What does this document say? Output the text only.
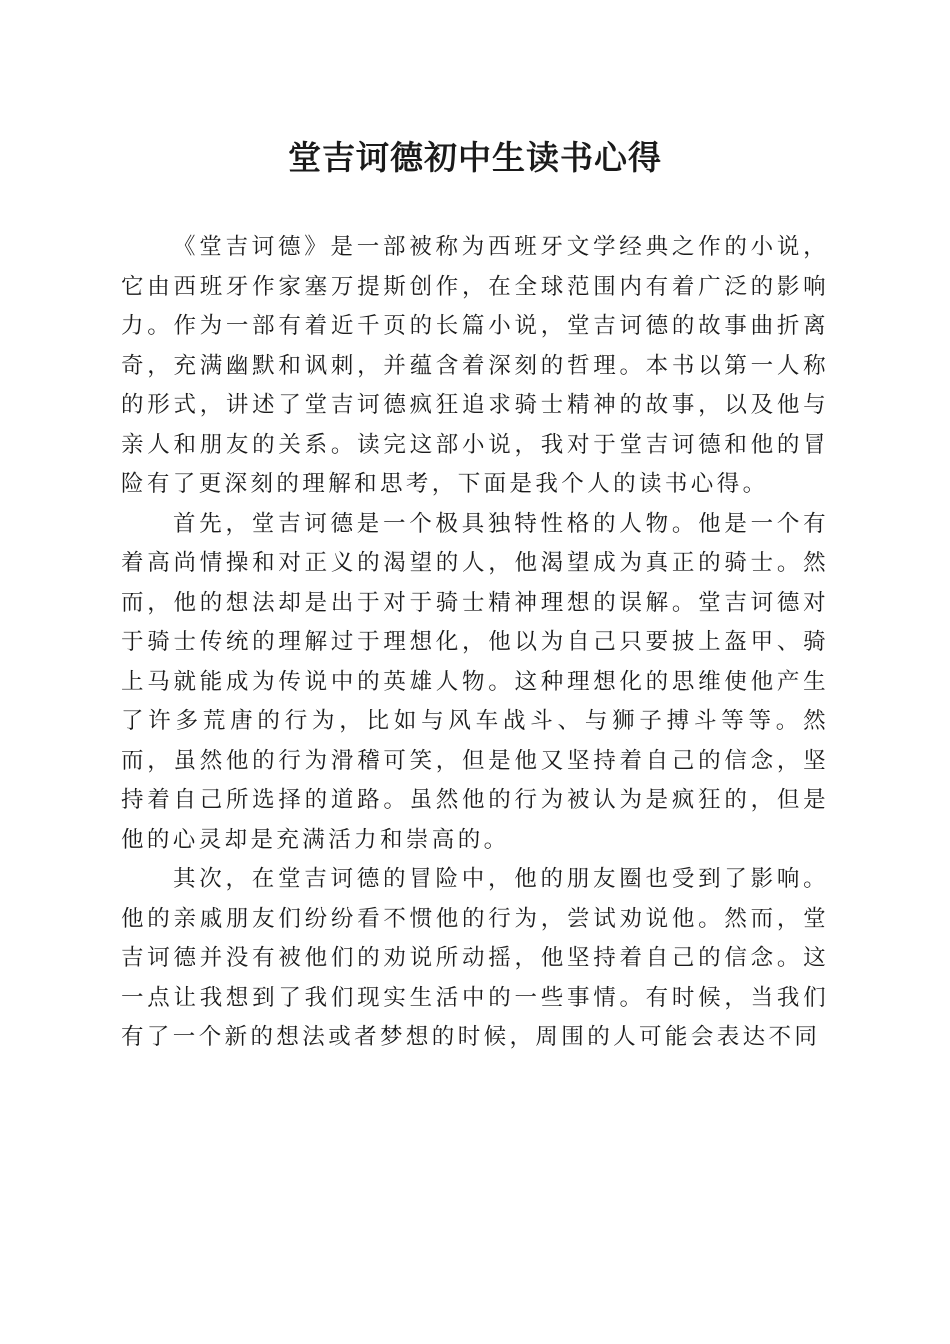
堂吉诃德初中生读书心得

《堂吉诃德》是一部被称为西班牙文学经典之作的小说，它由西班牙作家塞万提斯创作，在全球范围内有着广泛的影响力。作为一部有着近千页的长篇小说，堂吉诃德的故事曲折离奇，充满幽默和讽刺，并蕴含着深刻的哲理。本书以第一人称的形式，讲述了堂吉诃德疯狂追求骑士精神的故事，以及他与亲人和朋友的关系。读完这部小说，我对于堂吉诃德和他的冒险有了更深刻的理解和思考，下面是我个人的读书心得。

首先，堂吉诃德是一个极具独特性格的人物。他是一个有着高尚情操和对正义的渴望的人，他渴望成为真正的骑士。然而，他的想法却是出于对于骑士精神理想的误解。堂吉诃德对于骑士传统的理解过于理想化，他以为自己只要披上盔甲、骑上马就能成为传说中的英雄人物。这种理想化的思维使他产生了许多荒唐的行为，比如与风车战斗、与狮子搏斗等等。然而，虽然他的行为滑稽可笑，但是他又坚持着自己的信念，坚持着自己所选择的道路。虽然他的行为被认为是疯狂的，但是他的心灵却是充满活力和崇高的。

其次，在堂吉诃德的冒险中，他的朋友圈也受到了影响。他的亲戚朋友们纷纷看不惯他的行为，尝试劝说他。然而，堂吉诃德并没有被他们的劝说所动摇，他坚持着自己的信念。这一点让我想到了我们现实生活中的一些事情。有时候，当我们有了一个新的想法或者梦想的时候，周围的人可能会表达不同
